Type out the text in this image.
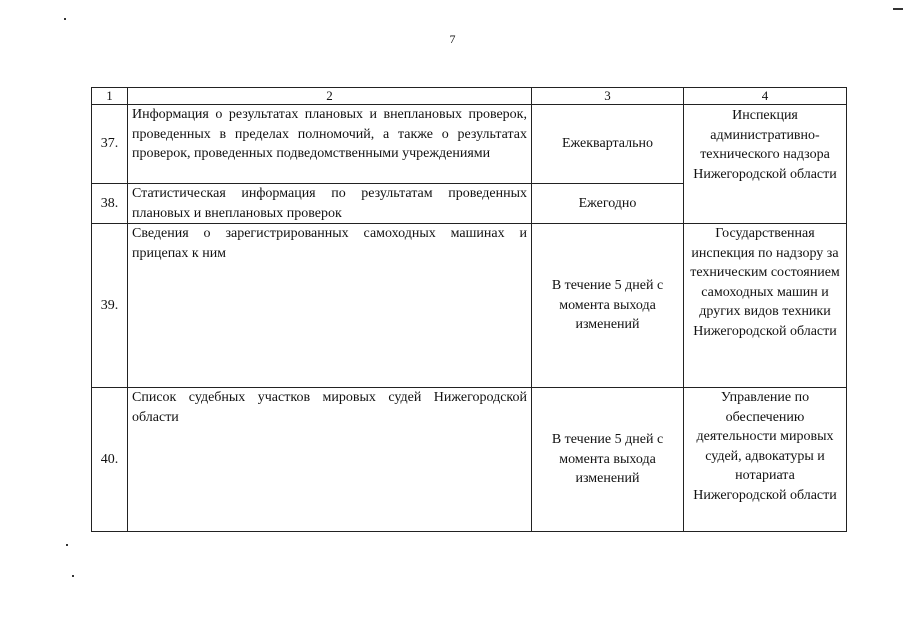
7
1	2	3	4
37.	Информация о результатах плановых и внеплановых проверок, проведенных в пределах полномочий, а также о результатах проверок, проведенных подведомственными учреждениями	Ежеквартально	Инспекция административно-технического надзора Нижегородской области
38.	Статистическая информация по результатам проведенных плановых и внеплановых проверок	Ежегодно	
39.	Сведения о зарегистрированных самоходных машинах и прицепах к ним	В течение 5 дней с момента выхода изменений	Государственная инспекция по надзору за техническим состоянием самоходных машин и других видов техники Нижегородской области
40.	Список судебных участков мировых судей Нижегородской области	В течение 5 дней с момента выхода изменений	Управление по обеспечению деятельности мировых судей, адвокатуры и нотариата Нижегородской области
